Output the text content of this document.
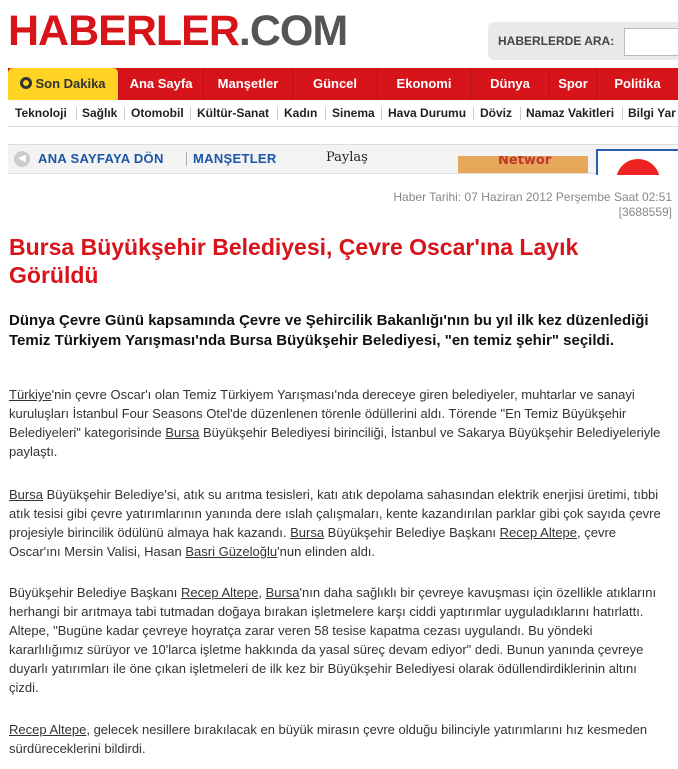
HABERLER.COM	HABERLERDE ARA:
Son Dakika	Ana Sayfa	Manşetler	Güncel	Ekonomi	Dünya	Spor	Politika
Teknoloji Sağlık Otomobil Kültür-Sanat Kadın Sinema Hava Durumu Döviz Namaz Vakitleri Bilgi Yar
◀ ANA SAYFAYA DÖN MANŞETLER	Paylaş	Networ
Haber Tarihi: 07 Haziran 2012 Perşembe Saat 02:51
[3688559]
Bursa Büyükşehir Belediyesi, Çevre Oscar'ına Layık Görüldü

Dünya Çevre Günü kapsamında Çevre ve Şehircilik Bakanlığı'nın bu yıl ilk kez düzenlediği Temiz Türkiyem Yarışması'nda Bursa Büyükşehir Belediyesi, "en temiz şehir" seçildi.

Türkiye'nin çevre Oscar'ı olan Temiz Türkiyem Yarışması'nda dereceye giren belediyeler, muhtarlar ve sanayi kuruluşları İstanbul Four Seasons Otel'de düzenlenen törenle ödüllerini aldı. Törende "En Temiz Büyükşehir Belediyeleri" kategorisinde Bursa Büyükşehir Belediyesi birinciliği, İstanbul ve Sakarya Büyükşehir Belediyeleriyle paylaştı.

Bursa Büyükşehir Belediye'si, atık su arıtma tesisleri, katı atık depolama sahasından elektrik enerjisi üretimi, tıbbi atık tesisi gibi çevre yatırımlarının yanında dere ıslah çalışmaları, kente kazandırılan parklar gibi çok sayıda çevre projesiyle birincilik ödülünü almaya hak kazandı. Bursa Büyükşehir Belediye Başkanı Recep Altepe, çevre Oscar'ını Mersin Valisi, Hasan Basri Güzeloğlu'nun elinden aldı.

Büyükşehir Belediye Başkanı Recep Altepe, Bursa'nın daha sağlıklı bir çevreye kavuşması için özellikle atıklarını herhangi bir arıtmaya tabi tutmadan doğaya bırakan işletmelere karşı ciddi yaptırımlar uyguladıklarını hatırlattı. Altepe, "Bugüne kadar çevreye hoyratça zarar veren 58 tesise kapatma cezası uygulandı. Bu yöndeki kararlılığımız sürüyor ve 10'larca işletme hakkında da yasal süreç devam ediyor" dedi. Bunun yanında çevreye duyarlı yatırımları ile öne çıkan işletmeleri de ilk kez bir Büyükşehir Belediyesi olarak ödüllendirdiklerinin altını çizdi.

Recep Altepe, gelecek nesillere bırakılacak en büyük mirasın çevre olduğu bilinciyle yatırımlarını hız kesmeden sürdüreceklerini bildirdi.
